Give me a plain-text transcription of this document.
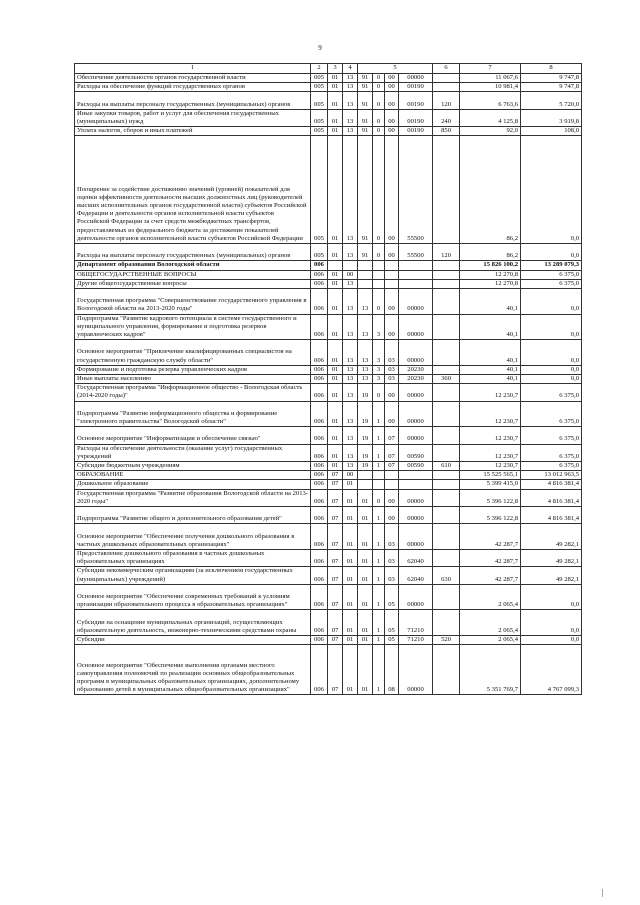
9
1	2	3	4	5				6	7	8
Обеспечение деятельности органов государственной власти	005	01	13	91	0	00	00000		11 067,6	9 747,8
Расходы на обеспечение функций государственных органов	005	01	13	91	0	00	00190		10 981,4	9 747,8
Расходы на выплаты персоналу государственных (муниципальных) органов	005	01	13	91	0	00	00190	120	6 763,6	5 720,0
Иные закупки товаров, работ и услуг для обеспечения государственных (муниципальных) нужд	005	01	13	91	0	00	00190	240	4 125,8	3 919,8
Уплата налогов, сборов и иных платежей	005	01	13	91	0	00	00190	850	92,0	108,0
Поощрение за содействие достижению значений (уровней) показателей для оценки эффективности деятельности высших должностных лиц (руководителей высших исполнительных органов государственной власти) субъектов Российской Федерации и деятельности органов исполнительной власти субъектов Российской Федерации за счет средств межбюджетных трансфертов, предоставляемых из федерального бюджета за достижение показателей деятельности органов исполнительной власти субъектов Российской Федерации	005	01	13	91	0	00	55500		86,2	0,0
Расходы на выплаты персоналу государственных (муниципальных) органов	005	01	13	91	0	00	55500	120	86,2	0,0
Департамент образования Вологодской области	006								15 826 100,2	13 289 079,3
ОБЩЕГОСУДАРСТВЕННЫЕ ВОПРОСЫ	006	01	00						12 270,8	6 375,0
Другие общегосударственные вопросы	006	01	13						12 270,8	6 375,0
Государственная программа "Совершенствование государственного управления в Вологодской области на 2013-2020 годы"	006	01	13	13	0	00	00000		40,1	0,0
Подпрограмма "Развитие кадрового потенциала в системе государственного и муниципального управления, формирование и подготовка резервов управленческих кадров"	006	01	13	13	3	00	00000		40,1	0,0
Основное мероприятие "Привлечение квалифицированных специалистов на государственную гражданскую службу области"	006	01	13	13	3	03	00000		40,1	0,0
Формирование и подготовка резерва управленческих кадров	006	01	13	13	3	03	20230		40,1	0,0
Иные выплаты населению	006	01	13	13	3	03	20230	360	40,1	0,0
Государственная программа "Информационное общество - Вологодская область (2014-2020 годы)"	006	01	13	19	0	00	00000		12 230,7	6 375,0
Подпрограмма "Развитие информационного общества и формирование "электронного правительства" Вологодской области"	006	01	13	19	1	00	00000		12 230,7	6 375,0
Основное мероприятие "Информатизация и обеспечение связью"	006	01	13	19	1	07	00000		12 230,7	6 375,0
Расходы на обеспечение деятельности (оказание услуг) государственных учреждений	006	01	13	19	1	07	00590		12 230,7	6 375,0
Субсидии бюджетным учреждениям	006	01	13	19	1	07	00590	610	12 230,7	6 375,0
ОБРАЗОВАНИЕ	006	07	00						15 525 565,1	13 012 963,5
Дошкольное образование	006	07	01						5 399 415,0	4 816 381,4
Государственная программа "Развитие образования Вологодской области на 2013-2020 годы"	006	07	01	01	0	00	00000		5 396 122,8	4 816 381,4
Подпрограмма "Развитие общего и дополнительного образования детей"	006	07	01	01	1	00	00000		5 396 122,8	4 816 381,4
Основное мероприятие "Обеспечение получения дошкольного образования в частных дошкольных образовательных организациях"	006	07	01	01	1	03	00000		42 287,7	49 282,1
Предоставление дошкольного образования в частных дошкольных образовательных организациях	006	07	01	01	1	03	62040		42 287,7	49 282,1
Субсидии некоммерческим организациям (за исключением государственных (муниципальных) учреждений)	006	07	01	01	1	03	62040	630	42 287,7	49 282,1
Основное мероприятие "Обеспечение современных требований к условиям организации образовательного процесса в образовательных организациях"	006	07	01	01	1	05	00000		2 065,4	0,0
Субсидии на оснащение муниципальных организаций, осуществляющих образовательную деятельность, инженерно-техническими средствами охраны	006	07	01	01	1	05	71210		2 065,4	0,0
Субсидии	006	07	01	01	1	05	71210	520	2 065,4	0,0
Основное мероприятие "Обеспечение выполнения органами местного самоуправления полномочий по реализации основных общеобразовательных программ в муниципальных образовательных организациях, дополнительному образованию детей в муниципальных общеобразовательных организациях"	006	07	01	01	1	08	00000		5 351 769,7	4 767 099,3
|
